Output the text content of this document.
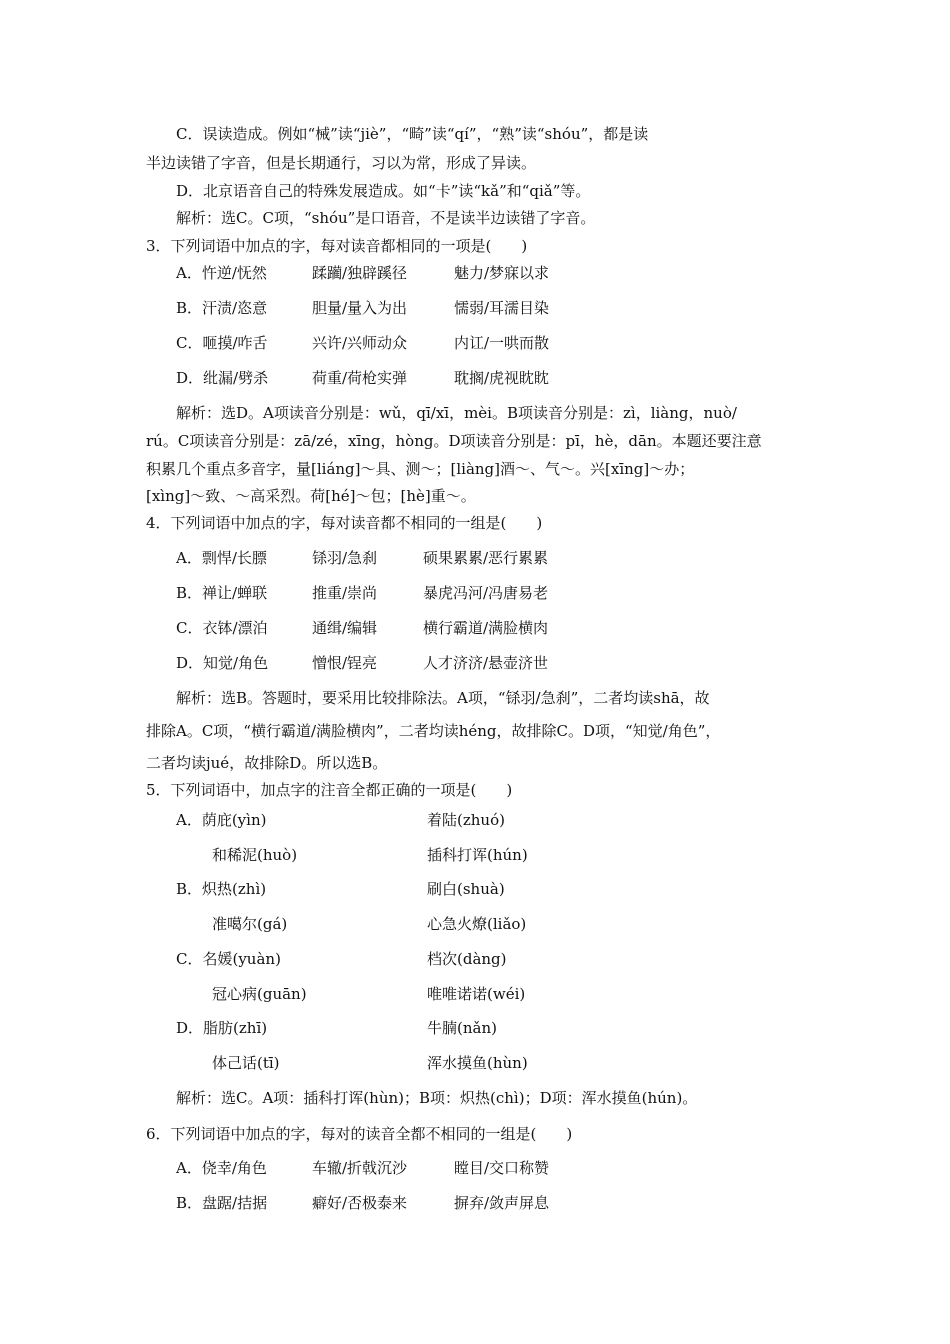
C．误读造成。例如“械”读“jiè”，“畸”读“qí”，“熟”读“shóu”，都是读
半边读错了字音，但是长期通行，习以为常，形成了异读。
D．北京语音自己的特殊发展造成。如“卡”读“kǎ”和“qiǎ”等。
解析：选C。C项，“shóu”是口语音，不是读半边读错了字音。
3．下列词语中加点的字，每对读音都相同的一项是(　　)
A．忤逆/怃然	蹂躏/独辟蹊径	魅力/梦寐以求
B．汗渍/恣意	胆量/量入为出	懦弱/耳濡目染
C．咂摸/咋舌	兴许/兴师动众	内讧/一哄而散
D．纰漏/劈杀	荷重/荷枪实弹	耽搁/虎视眈眈
解析：选D。A项读音分别是：wǔ，qī/xī，mèi。B项读音分别是：zì，liàng，nuò/
rú。C项读音分别是：zā/zé，xīng，hòng。D项读音分别是：pī，hè，dān。本题还要注意
积累几个重点多音字，量[liáng]～具、测～；[liàng]酒～、气～。兴[xīng]～办；
[xìng]～致、～高采烈。荷[hé]～包；[hè]重～。
4．下列词语中加点的字，每对读音都不相同的一组是(　　)
A．剽悍/长膘	铩羽/急刹	硕果累累/恶行累累
B．禅让/蝉联	推重/崇尚	暴虎冯河/冯唐易老
C．衣钵/漂泊	通缉/编辑	横行霸道/满脸横肉
D．知觉/角色	憎恨/锃亮	人才济济/悬壶济世
解析：选B。答题时，要采用比较排除法。A项，“铩羽/急刹”，二者均读shā，故
排除A。C项，“横行霸道/满脸横肉”，二者均读héng，故排除C。D项，“知觉/角色”，
二者均读jué，故排除D。所以选B。
5．下列词语中，加点字的注音全都正确的一项是(　　)
A．荫庇(yìn)	着陆(zhuó)
和稀泥(huò)	插科打诨(hún)
B．炽热(zhì)	刷白(shuà)
准噶尔(gá)	心急火燎(liǎo)
C．名媛(yuàn)	档次(dàng)
冠心病(guān)	唯唯诺诺(wéi)
D．脂肪(zhī)	牛腩(nǎn)
体己话(tī)	浑水摸鱼(hùn)
解析：选C。A项：插科打诨(hùn)；B项：炽热(chì)；D项：浑水摸鱼(hún)。
6．下列词语中加点的字，每对的读音全都不相同的一组是(　　)
A．侥幸/角色	车辙/折戟沉沙	瞠目/交口称赞
B．盘踞/拮据	癖好/否极泰来	摒弃/敛声屏息
